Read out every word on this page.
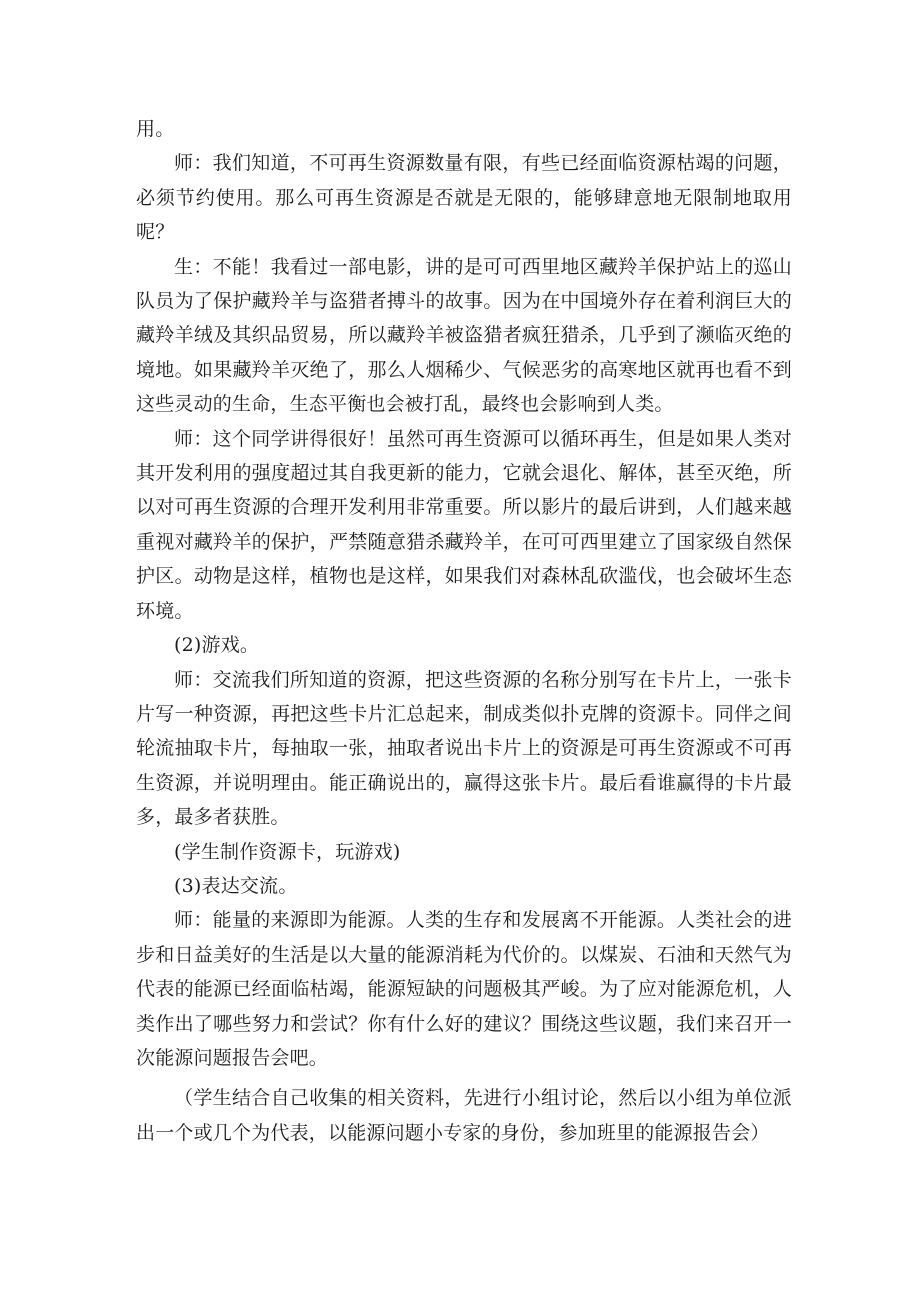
用。

师：我们知道，不可再生资源数量有限，有些已经面临资源枯竭的问题，必须节约使用。那么可再生资源是否就是无限的，能够肆意地无限制地取用呢？

生：不能！我看过一部电影，讲的是可可西里地区藏羚羊保护站上的巡山队员为了保护藏羚羊与盗猎者搏斗的故事。因为在中国境外存在着利润巨大的藏羚羊绒及其织品贸易，所以藏羚羊被盗猎者疯狂猎杀，几乎到了濒临灭绝的境地。如果藏羚羊灭绝了，那么人烟稀少、气候恶劣的高寒地区就再也看不到这些灵动的生命，生态平衡也会被打乱，最终也会影响到人类。

师：这个同学讲得很好！虽然可再生资源可以循环再生，但是如果人类对其开发利用的强度超过其自我更新的能力，它就会退化、解体，甚至灭绝，所以对可再生资源的合理开发利用非常重要。所以影片的最后讲到，人们越来越重视对藏羚羊的保护，严禁随意猎杀藏羚羊，在可可西里建立了国家级自然保护区。动物是这样，植物也是这样，如果我们对森林乱砍滥伐，也会破坏生态环境。

(2)游戏。

师：交流我们所知道的资源，把这些资源的名称分别写在卡片上，一张卡片写一种资源，再把这些卡片汇总起来，制成类似扑克牌的资源卡。同伴之间轮流抽取卡片，每抽取一张，抽取者说出卡片上的资源是可再生资源或不可再生资源，并说明理由。能正确说出的，赢得这张卡片。最后看谁赢得的卡片最多，最多者获胜。

(学生制作资源卡，玩游戏)

(3)表达交流。

师：能量的来源即为能源。人类的生存和发展离不开能源。人类社会的进步和日益美好的生活是以大量的能源消耗为代价的。以煤炭、石油和天然气为代表的能源已经面临枯竭，能源短缺的问题极其严峻。为了应对能源危机，人类作出了哪些努力和尝试？你有什么好的建议？围绕这些议题，我们来召开一次能源问题报告会吧。

（学生结合自己收集的相关资料，先进行小组讨论，然后以小组为单位派出一个或几个为代表，以能源问题小专家的身份，参加班里的能源报告会）
